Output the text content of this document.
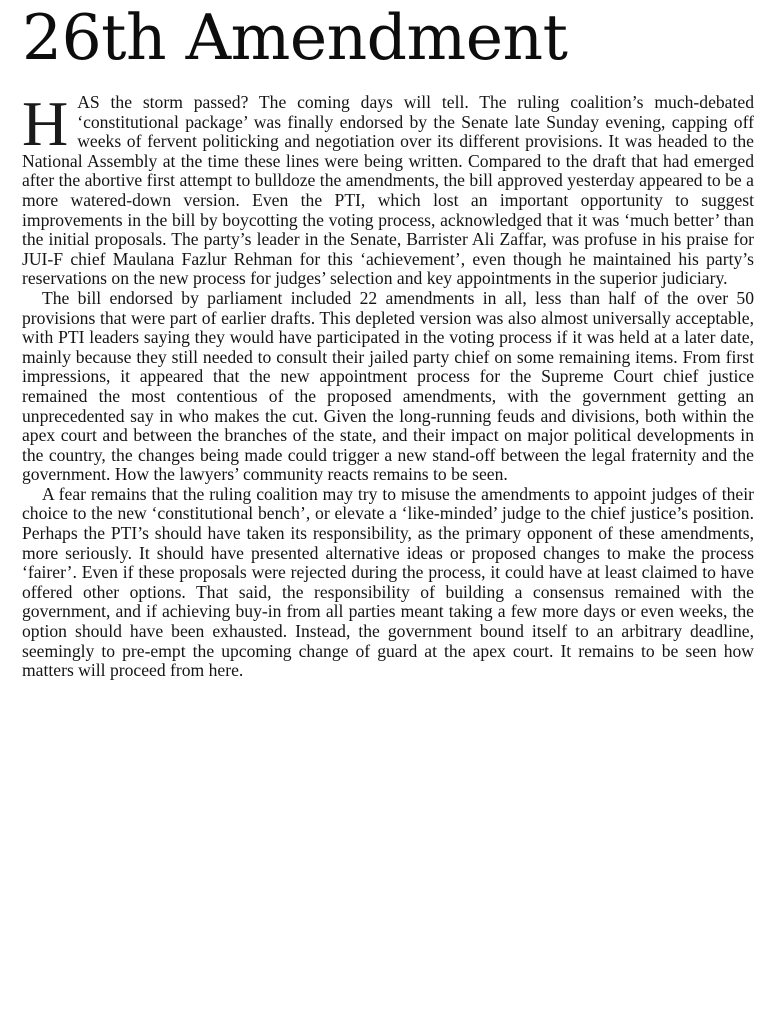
26th Amendment

HAS the storm passed? The coming days will tell. The ruling coalition’s much-debated ‘constitutional package’ was finally endorsed by the Senate late Sunday evening, capping off weeks of fervent politicking and negotiation over its different provisions. It was headed to the National Assembly at the time these lines were being written. Compared to the draft that had emerged after the abortive first attempt to bulldoze the amendments, the bill approved yesterday appeared to be a more watered-down version. Even the PTI, which lost an important opportunity to suggest improvements in the bill by boycotting the voting process, acknowledged that it was ‘much better’ than the initial proposals. The party’s leader in the Senate, Barrister Ali Zaffar, was profuse in his praise for JUI-F chief Maulana Fazlur Rehman for this ‘achievement’, even though he maintained his party’s reservations on the new process for judges’ selection and key appointments in the superior judiciary.

The bill endorsed by parliament included 22 amendments in all, less than half of the over 50 provisions that were part of earlier drafts. This depleted version was also almost universally acceptable, with PTI leaders saying they would have participated in the voting process if it was held at a later date, mainly because they still needed to consult their jailed party chief on some remaining items. From first impressions, it appeared that the new appointment process for the Supreme Court chief justice remained the most contentious of the proposed amendments, with the government getting an unprecedented say in who makes the cut. Given the long-running feuds and divisions, both within the apex court and between the branches of the state, and their impact on major political developments in the country, the changes being made could trigger a new stand-off between the legal fraternity and the government. How the lawyers’ community reacts remains to be seen.

A fear remains that the ruling coalition may try to misuse the amendments to appoint judges of their choice to the new ‘constitutional bench’, or elevate a ‘like-minded’ judge to the chief justice’s position. Perhaps the PTI’s should have taken its responsibility, as the primary opponent of these amendments, more seriously. It should have presented alternative ideas or proposed changes to make the process ‘fairer’. Even if these proposals were rejected during the process, it could have at least claimed to have offered other options. That said, the responsibility of building a consensus remained with the government, and if achieving buy-in from all parties meant taking a few more days or even weeks, the option should have been exhausted. Instead, the government bound itself to an arbitrary deadline, seemingly to pre-empt the upcoming change of guard at the apex court. It remains to be seen how matters will proceed from here.
